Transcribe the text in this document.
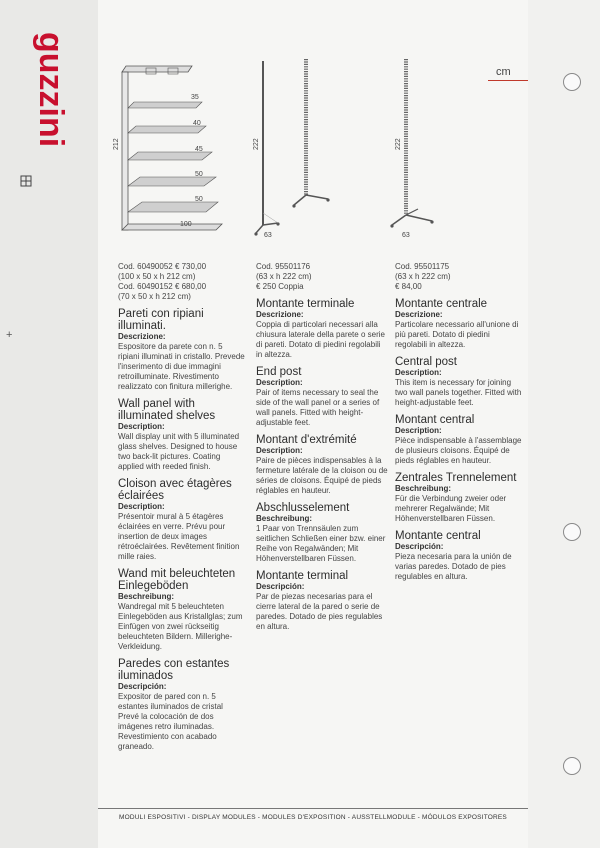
guzzini
+
cm
35
40
45
50
50
100
212	222
63
222
63
Cod. 60490052 € 730,00
(100 x 50 x h 212 cm)
Cod. 60490152 € 680,00
(70 x 50 x h 212 cm)
Pareti con ripiani illuminati.
Descrizione:
Espositore da parete con n. 5 ripiani illuminati in cristallo. Prevede l'inserimento di due immagini retroilluminate. Rivestimento realizzato con finitura millerighe.
Wall panel with illuminated shelves
Description:
Wall display unit with 5 illuminated glass shelves. Designed to house two back-lit pictures. Coating applied with reeded finish.
Cloison avec étagères éclairées
Description:
Présentoir mural à 5 étagères éclairées en verre. Prévu pour insertion de deux images rétroéclairées. Revêtement finition mille raies.
Wand mit beleuchteten Einlegeböden
Beschreibung:
Wandregal mit 5 beleuchteten Einlegeböden aus Kristallglas; zum Einfügen von zwei rückseitig beleuchteten Bildern. Millerighe-Verkleidung.
Paredes con estantes iluminados
Descripción:
Expositor de pared con n. 5 estantes iluminados de cristal Prevé la colocación de dos imágenes retro iluminadas. Revestimiento con acabado graneado.
Cod. 95501176
(63 x h 222 cm)
€ 250 Coppia
Montante terminale
Descrizione:
Coppia di particolari necessari alla chiusura laterale della parete o serie di pareti. Dotato di piedini regolabili in altezza.
End post
Description:
Pair of items necessary to seal the side of the wall panel or a series of wall panels. Fitted with height-adjustable feet.
Montant d'extrémité
Description:
Paire de pièces indispensables à la fermeture latérale de la cloison ou de séries de cloisons. Équipé de pieds réglables en hauteur.
Abschlusselement
Beschreibung:
1 Paar von Trennsäulen zum seitlichen Schließen einer bzw. einer Reihe von Regalwänden; Mit Höhenverstellbaren Füssen.
Montante terminal
Descripción:
Par de piezas necesarias para el cierre lateral de la pared o serie de paredes. Dotado de pies regulables en altura.
Cod. 95501175
(63 x h 222 cm)
€ 84,00
Montante centrale
Descrizione:
Particolare necessario all'unione di più pareti. Dotato di piedini regolabili in altezza.
Central post
Description:
This item is necessary for joining two wall panels together. Fitted with height-adjustable feet.
Montant central
Description:
Pièce indispensable à l'assemblage de plusieurs cloisons. Équipé de pieds réglables en hauteur.
Zentrales Trennelement
Beschreibung:
Für die Verbindung zweier oder mehrerer Regalwände; Mit Höhenverstellbaren Füssen.
Montante central
Descripción:
Pieza necesaria para la unión de varias paredes. Dotado de pies regulables en altura.
MODULI ESPOSITIVI - DISPLAY MODULES - MODULES D'EXPOSITION - AUSSTELLMODULE - MÓDULOS EXPOSITORES
